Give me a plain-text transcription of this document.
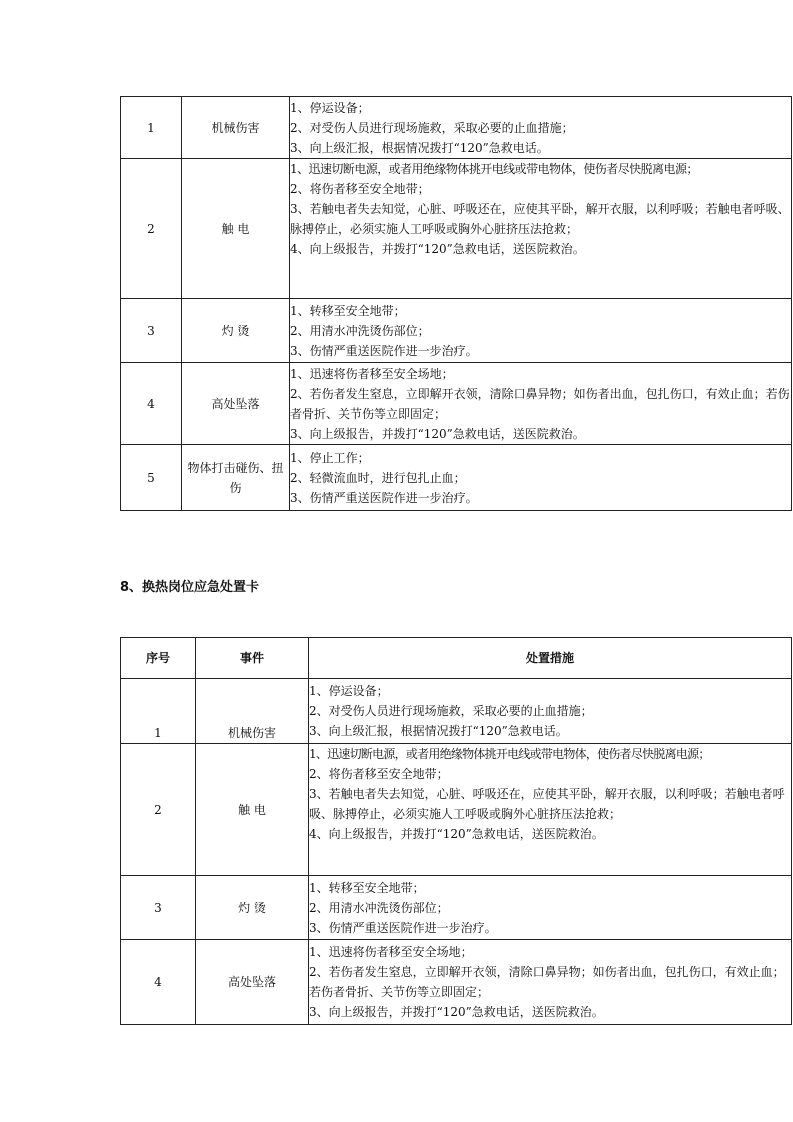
1	机械伤害	1、停运设备；
2、对受伤人员进行现场施救，采取必要的止血措施；
3、向上级汇报，根据情况拨打“120”急救电话。

2	触 电	1、迅速切断电源，或者用绝缘物体挑开电线或带电物体，使伤者尽快脱离电源；
2、将伤者移至安全地带；
3、若触电者失去知觉，心脏、呼吸还在，应使其平卧，解开衣服，以利呼吸；若触电者呼吸、脉搏停止，必须实施人工呼吸或胸外心脏挤压法抢救；
4、向上级报告，并拨打“120”急救电话，送医院救治。

3	灼 烫	1、转移至安全地带；
2、用清水冲洗烫伤部位；
3、伤情严重送医院作进一步治疗。

4	高处坠落	1、迅速将伤者移至安全场地；
2、若伤者发生窒息，立即解开衣领，清除口鼻异物；如伤者出血，包扎伤口，有效止血；若伤者骨折、关节伤等立即固定；
3、向上级报告，并拨打“120”急救电话，送医院救治。

5	物体打击碰伤、扭伤	1、停止工作；
2、轻微流血时，进行包扎止血；
3、伤情严重送医院作进一步治疗。
8、换热岗位应急处置卡
序号	事件	处置措施
1	机械伤害	1、停运设备；
2、对受伤人员进行现场施救，采取必要的止血措施；
3、向上级汇报，根据情况拨打“120”急救电话。

2	触 电	1、迅速切断电源，或者用绝缘物体挑开电线或带电物体，使伤者尽快脱离电源；
2、将伤者移至安全地带；
3、若触电者失去知觉，心脏、呼吸还在，应使其平卧，解开衣服，以利呼吸；若触电者呼吸、脉搏停止，必须实施人工呼吸或胸外心脏挤压法抢救；
4、向上级报告，并拨打“120”急救电话，送医院救治。

3	灼 烫	1、转移至安全地带；
2、用清水冲洗烫伤部位；
3、伤情严重送医院作进一步治疗。

4	高处坠落	1、迅速将伤者移至安全场地；
2、若伤者发生窒息，立即解开衣领，清除口鼻异物；如伤者出血，包扎伤口，有效止血；若伤者骨折、关节伤等立即固定；
3、向上级报告，并拨打“120”急救电话，送医院救治。
